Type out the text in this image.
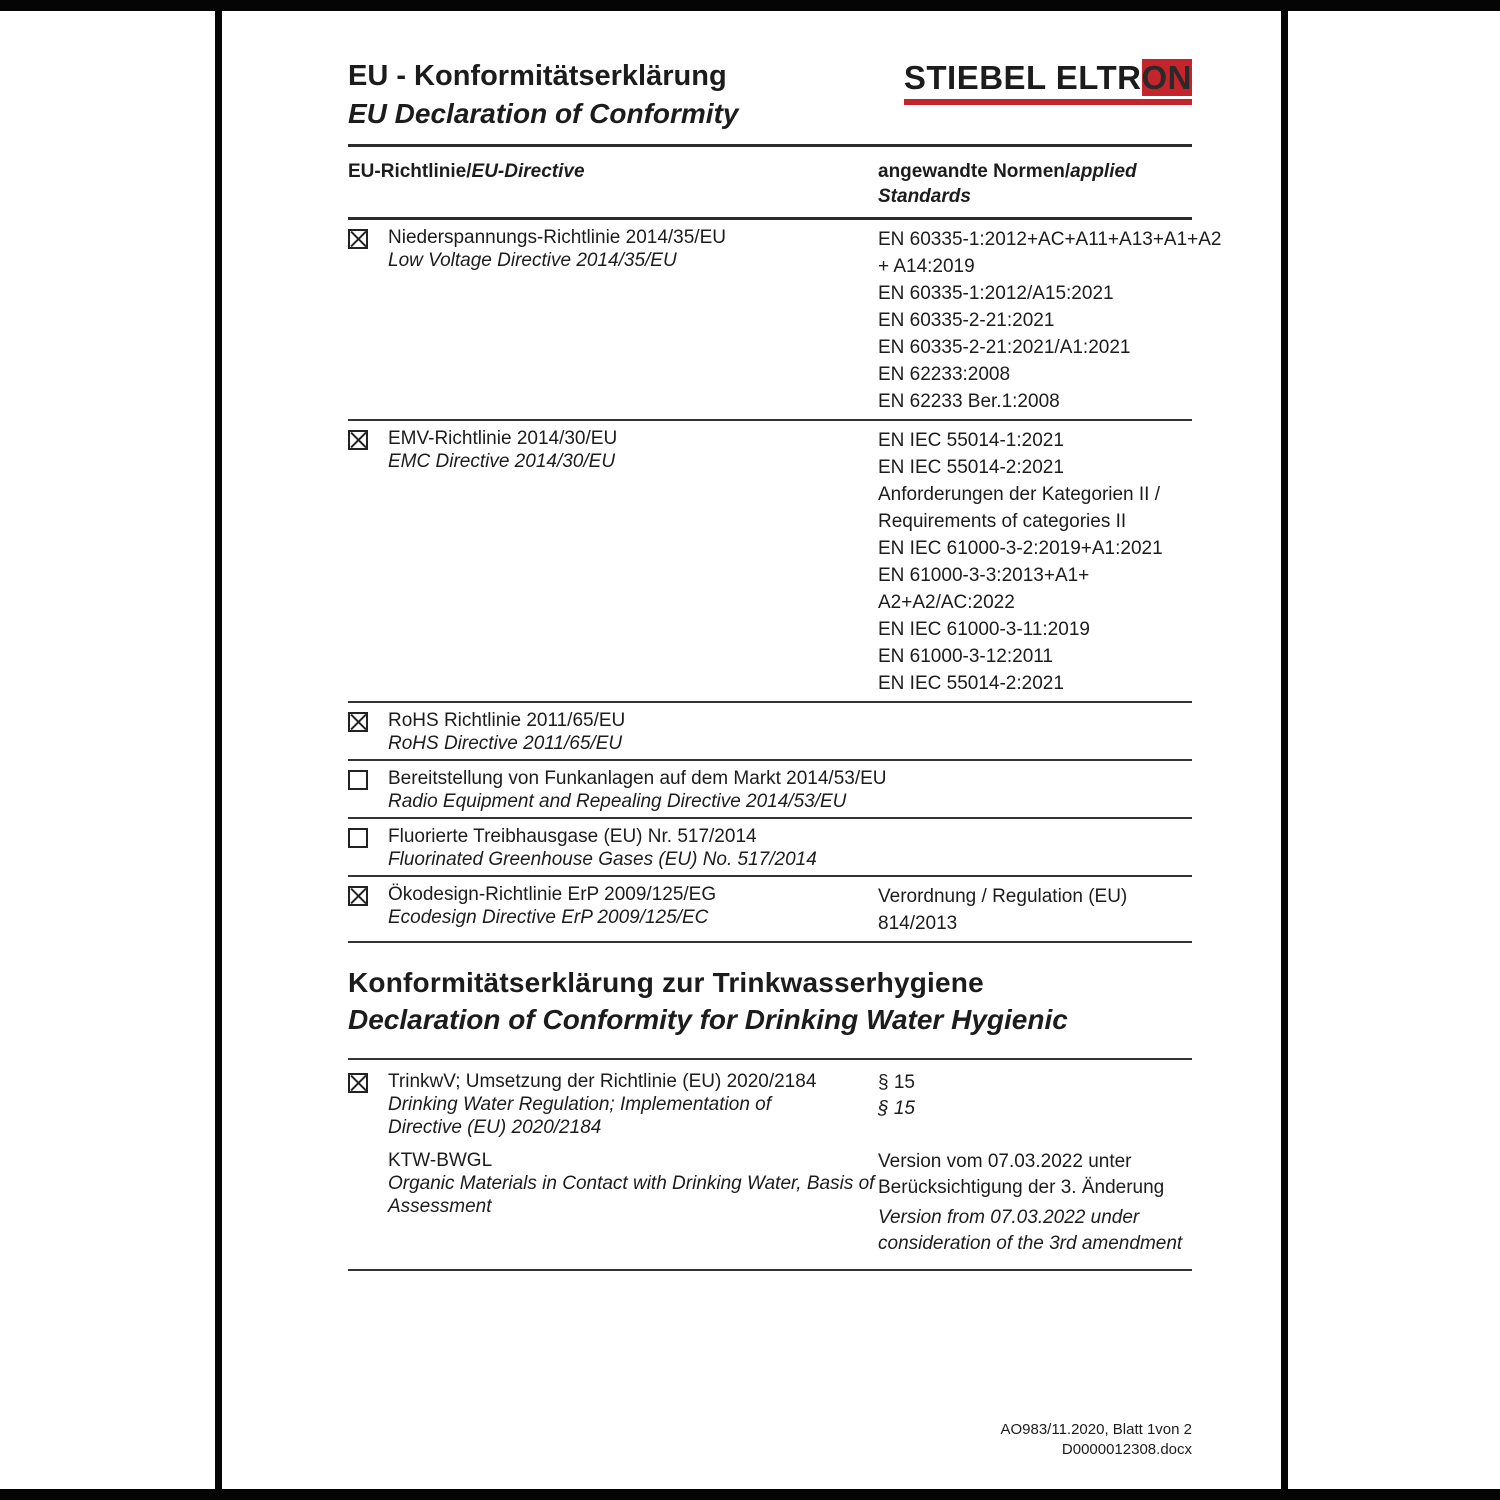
EU - Konformitätserklärung
EU Declaration of Conformity
STIEBEL ELTRON
EU-Richtlinie/EU-Directive	angewandte Normen/applied Standards
Niederspannungs-Richtlinie 2014/35/EU
Low Voltage Directive 2014/35/EU
EN 60335-1:2012+AC+A11+A13+A1+A2
+ A14:2019
EN 60335-1:2012/A15:2021
EN 60335-2-21:2021
EN 60335-2-21:2021/A1:2021
EN 62233:2008
EN 62233 Ber.1:2008
EMV-Richtlinie 2014/30/EU
EMC Directive 2014/30/EU
EN IEC 55014-1:2021
EN IEC 55014-2:2021
Anforderungen der Kategorien II /
Requirements of categories II
EN IEC 61000-3-2:2019+A1:2021
EN 61000-3-3:2013+A1+
A2+A2/AC:2022
EN IEC 61000-3-11:2019
EN 61000-3-12:2011
EN IEC 55014-2:2021
RoHS Richtlinie 2011/65/EU
RoHS Directive 2011/65/EU
Bereitstellung von Funkanlagen auf dem Markt 2014/53/EU
Radio Equipment and Repealing Directive 2014/53/EU
Fluorierte Treibhausgase (EU) Nr. 517/2014
Fluorinated Greenhouse Gases (EU) No. 517/2014
Ökodesign-Richtlinie ErP 2009/125/EG
Ecodesign Directive ErP 2009/125/EC
Verordnung / Regulation (EU)
814/2013
Konformitätserklärung zur Trinkwasserhygiene
Declaration of Conformity for Drinking Water Hygienic
TrinkwV; Umsetzung der Richtlinie (EU) 2020/2184
Drinking Water Regulation; Implementation of
Directive (EU) 2020/2184
§ 15
§ 15
KTW-BWGL
Organic Materials in Contact with Drinking Water, Basis of
Assessment
Version vom 07.03.2022 unter
Berücksichtigung der 3. Änderung
Version from 07.03.2022 under
consideration of the 3rd amendment
AO983/11.2020, Blatt 1von 2
D0000012308.docx
